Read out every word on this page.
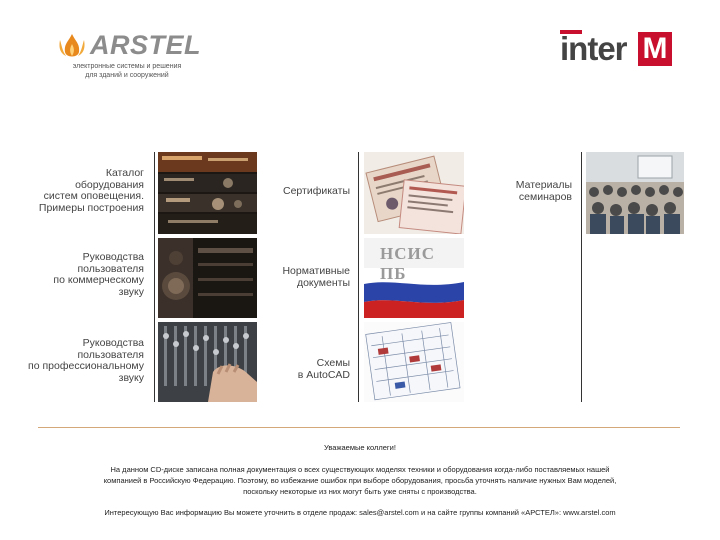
ARSTEL
электронные системы и решения
для зданий и сооружений
inter M
Каталог
оборудования
систем оповещения.
Примеры построения
Руководства
пользователя
по коммерческому
звуку
Руководства
пользователя
по профессиональному
звуку
Сертификаты
Нормативные
документы
Схемы
в AutoCAD
НСИС ПБ
Материалы
семинаров
Уважаемые коллеги!
На данном CD-диске записана полная документация о всех существующих моделях техники и оборудования когда-либо поставляемых нашей
компанией в Российскую Федерацию. Поэтому, во избежание ошибок при выборе оборудования, просьба уточнять наличие нужных Вам моделей,
поскольку некоторые из них могут быть уже сняты с производства.
Интересующую Вас информацию Вы можете уточнить в отделе продаж: sales@arstel.com и на сайте группы компаний «АРСТЕЛ»: www.arstel.com
